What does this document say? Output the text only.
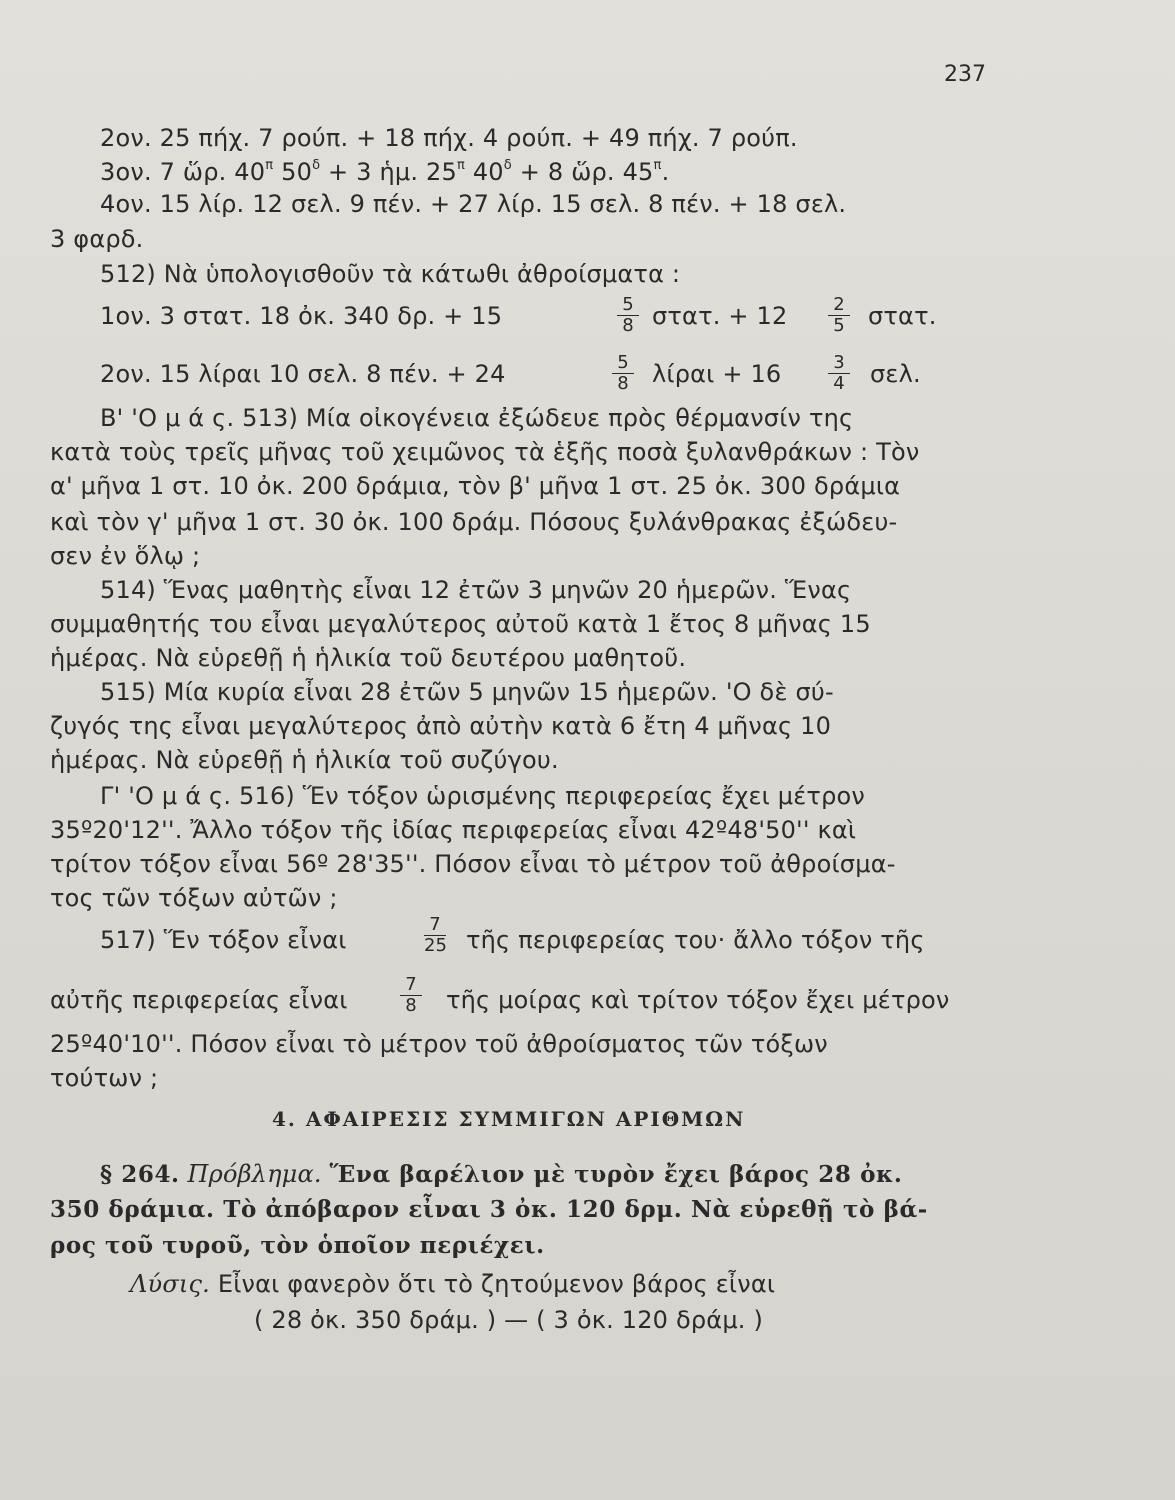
237
2ον. 25 πήχ. 7 ρούπ. + 18 πήχ. 4 ρούπ. + 49 πήχ. 7 ρούπ.
3ον. 7 ὥρ. $40^\pi$ $50^\delta + 3$ ἡμ. $25^\pi$ $40^\delta + 8$ ὥρ. $45^\pi$.
4ον. 15 λίρ. 12 σελ. 9 πέν. + 27 λίρ. 15 σελ. 8 πέν. + 18 σελ.
3 φαρδ.
512) Νὰ ὑπολογισθοῦν τὰ κάτωθι ἀθροίσματα :
1ον. 3 στατ. 18 ὀκ. 340 δρ. + 15	5
8 στατ. + 12	2
5 στατ.
2ον. 15 λίραι 10 σελ. 8 πέν. + 24	5
8 λίραι + 16	3
4 σελ.
Β' 'Ο μ ά ς. 513) Μία οἰκογένεια ἐξώδευε πρὸς θέρμανσίν της
κατὰ τοὺς τρεῖς μῆνας τοῦ χειμῶνος τὰ ἑξῆς ποσὰ ξυλανθράκων : Τὸν
α' μῆνα 1 στ. 10 ὀκ. 200 δράμια, τὸν β' μῆνα 1 στ. 25 ὀκ. 300 δράμια
καὶ τὸν γ' μῆνα 1 στ. 30 ὀκ. 100 δράμ. Πόσους ξυλάνθρακας ἐξώδευ-
σεν ἐν ὅλῳ ;
514) Ἕνας μαθητὴς εἶναι 12 ἐτῶν 3 μηνῶν 20 ἡμερῶν. Ἕνας
συμμαθητής του εἶναι μεγαλύτερος αὐτοῦ κατὰ 1 ἔτος 8 μῆνας 15
ἡμέρας. Νὰ εὑρεθῇ ἡ ἡλικία τοῦ δευτέρου μαθητοῦ.
515) Μία κυρία εἶναι 28 ἐτῶν 5 μηνῶν 15 ἡμερῶν. 'Ο δὲ σύ-
ζυγός της εἶναι μεγαλύτερος ἀπὸ αὐτὴν κατὰ 6 ἔτη 4 μῆνας 10
ἡμέρας. Νὰ εὑρεθῇ ἡ ἡλικία τοῦ συζύγου.
Γ' 'Ο μ ά ς. 516) Ἕν τόξον ὡρισμένης περιφερείας ἔχει μέτρον
35º20'12''. Ἄλλο τόξον τῆς ἰδίας περιφερείας εἶναι 42º48'50'' καὶ
τρίτον τόξον εἶναι 56º 28'35''. Πόσον εἶναι τὸ μέτρον τοῦ ἀθροίσμα-
τος τῶν τόξων αὐτῶν ;
517) Ἕν τόξον εἶναι
7
25 τῆς περιφερείας του· ἄλλο τόξον τῆς
αὐτῆς περιφερείας εἶναι
7
8 τῆς μοίρας καὶ τρίτον τόξον ἔχει μέτρον
25º40'10''. Πόσον εἶναι τὸ μέτρον τοῦ ἀθροίσματος τῶν τόξων
τούτων ;
4. ΑΦΑΙΡΕΣΙΣ ΣΥΜΜΙΓΩΝ ΑΡΙΘΜΩΝ
§ 264. Πρόβλημα. Ἕνα βαρέλιον μὲ τυρὸν ἔχει βάρος 28 ὀκ.
350 δράμια. Τὸ ἀπόβαρον εἶναι 3 ὀκ. 120 δρμ. Νὰ εὑρεθῇ τὸ βά-
ρος τοῦ τυροῦ, τὸν ὁποῖον περιέχει.
Λύσις. Εἶναι φανερὸν ὅτι τὸ ζητούμενον βάρος εἶναι
( 28 ὀκ. 350 δράμ. ) — ( 3 ὀκ. 120 δράμ. )
